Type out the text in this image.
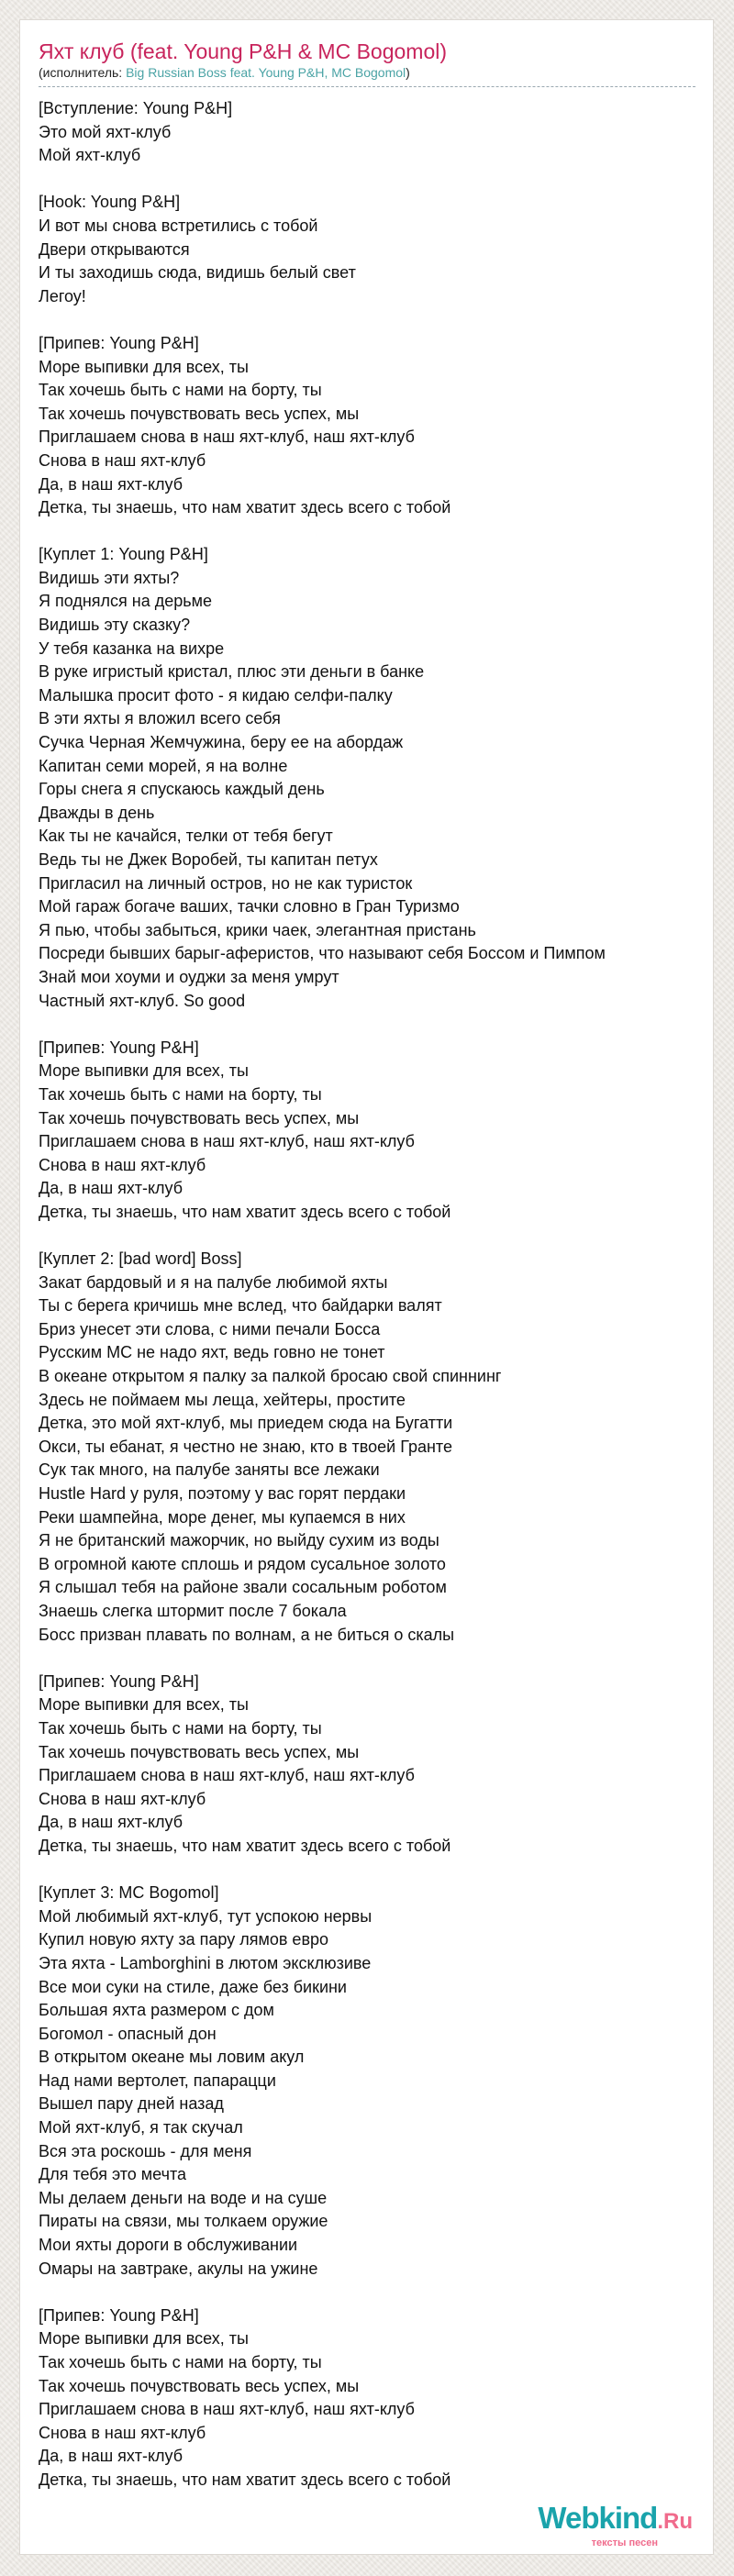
Яхт клуб (feat. Young P&H & MC Bogomol)
(исполнитель: Big Russian Boss feat. Young P&H, MC Bogomol)
[Вступление: Young P&H]
Это мой яхт-клуб
Мой яхт-клуб
[Hook: Young P&H]
И вот мы снова встретились с тобой
Двери открываются
И ты заходишь сюда, видишь белый свет
Легоу!
[Припев: Young P&H]
Море выпивки для всех, ты
Так хочешь быть с нами на борту, ты
Так хочешь почувствовать весь успех, мы
Приглашаем снова в наш яхт-клуб, наш яхт-клуб
Снова в наш яхт-клуб
Да, в наш яхт-клуб
Детка, ты знаешь, что нам хватит здесь всего с тобой
[Куплет 1: Young P&H]
Видишь эти яхты?
Я поднялся на дерьме
Видишь эту сказку?
У тебя казанка на вихре
В руке игристый кристал, плюс эти деньги в банке
Малышка просит фото - я кидаю селфи-палку
В эти яхты я вложил всего себя
Сучка Черная Жемчужина, беру ее на абордаж
Капитан семи морей, я на волне
Горы снега я спускаюсь каждый день
Дважды в день
Как ты не качайся, телки от тебя бегут
Ведь ты не Джек Воробей, ты капитан петух
Пригласил на личный остров, но не как туристок
Мой гараж богаче ваших, тачки словно в Гран Туризмо
Я пью, чтобы забыться, крики чаек, элегантная пристань
Посреди бывших барыг-аферистов, что называют себя Боссом и Пимпом
Знай мои хоуми и оуджи за меня умрут
Частный яхт-клуб. So good
[Припев: Young P&H]
Море выпивки для всех, ты
Так хочешь быть с нами на борту, ты
Так хочешь почувствовать весь успех, мы
Приглашаем снова в наш яхт-клуб, наш яхт-клуб
Снова в наш яхт-клуб
Да, в наш яхт-клуб
Детка, ты знаешь, что нам хватит здесь всего с тобой
[Куплет 2: [bad word] Boss]
Закат бардовый и я на палубе любимой яхты
Ты с берега кричишь мне вслед, что байдарки валят
Бриз унесет эти слова, с ними печали Босса
Русским MC не надо яхт, ведь говно не тонет
В океане открытом я палку за палкой бросаю свой спиннинг
Здесь не поймаем мы леща, хейтеры, простите
Детка, это мой яхт-клуб, мы приедем сюда на Бугатти
Окси, ты ебанат, я честно не знаю, кто в твоей Гранте
Сук так много, на палубе заняты все лежаки
Hustle Hard у руля, поэтому у вас горят пердаки
Реки шампейна, море денег, мы купаемся в них
Я не британский мажорчик, но выйду сухим из воды
В огромной каюте сплошь и рядом сусальное золото
Я слышал тебя на районе звали сосальным роботом
Знаешь слегка штормит после 7 бокала
Босс призван плавать по волнам, а не биться о скалы
[Припев: Young P&H]
Море выпивки для всех, ты
Так хочешь быть с нами на борту, ты
Так хочешь почувствовать весь успех, мы
Приглашаем снова в наш яхт-клуб, наш яхт-клуб
Снова в наш яхт-клуб
Да, в наш яхт-клуб
Детка, ты знаешь, что нам хватит здесь всего с тобой
[Куплет 3: MC Bogomol]
Мой любимый яхт-клуб, тут успокою нервы
Купил новую яхту за пару лямов евро
Эта яхта - Lamborghini в лютом эксклюзиве
Все мои суки на стиле, даже без бикини
Большая яхта размером с дом
Богомол - опасный дон
В открытом океане мы ловим акул
Над нами вертолет, папарацци
Вышел пару дней назад
Мой яхт-клуб, я так скучал
Вся эта роскошь - для меня
Для тебя это мечта
Мы делаем деньги на воде и на суше
Пираты на связи, мы толкаем оружие
Мои яхты дороги в обслуживании
Омары на завтраке, акулы на ужине
[Припев: Young P&H]
Море выпивки для всех, ты
Так хочешь быть с нами на борту, ты
Так хочешь почувствовать весь успех, мы
Приглашаем снова в наш яхт-клуб, наш яхт-клуб
Снова в наш яхт-клуб
Да, в наш яхт-клуб
Детка, ты знаешь, что нам хватит здесь всего с тобой
Webkind.Ru
тексты песен
